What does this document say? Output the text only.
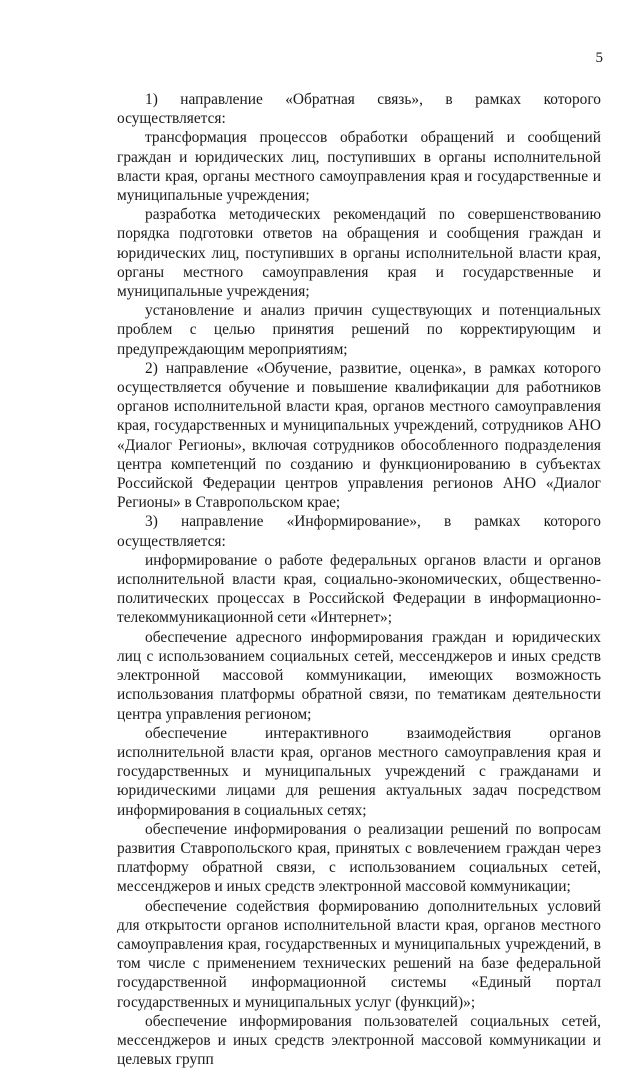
5

1) направление «Обратная связь», в рамках которого осуществляется:

трансформация процессов обработки обращений и сообщений граждан и юридических лиц, поступивших в органы исполнительной власти края, органы местного самоуправления края и государственные и муниципальные учреждения;

разработка методических рекомендаций по совершенствованию порядка подготовки ответов на обращения и сообщения граждан и юридических лиц, поступивших в органы исполнительной власти края, органы местного самоуправления края и государственные и муниципальные учреждения;

установление и анализ причин существующих и потенциальных проблем с целью принятия решений по корректирующим и предупреждающим мероприятиям;

2) направление «Обучение, развитие, оценка», в рамках которого осуществляется обучение и повышение квалификации для работников органов исполнительной власти края, органов местного самоуправления края, государственных и муниципальных учреждений, сотрудников АНО «Диалог Регионы», включая сотрудников обособленного подразделения центра компетенций по созданию и функционированию в субъектах Российской Федерации центров управления регионов АНО «Диалог Регионы» в Ставропольском крае;

3) направление «Информирование», в рамках которого осуществляется:

информирование о работе федеральных органов власти и органов исполнительной власти края, социально-экономических, общественно-политических процессах в Российской Федерации в информационно-телекоммуникационной сети «Интернет»;

обеспечение адресного информирования граждан и юридических лиц с использованием социальных сетей, мессенджеров и иных средств электронной массовой коммуникации, имеющих возможность использования платформы обратной связи, по тематикам деятельности центра управления регионом;

обеспечение интерактивного взаимодействия органов исполнительной власти края, органов местного самоуправления края и государственных и муниципальных учреждений с гражданами и юридическими лицами для решения актуальных задач посредством информирования в социальных сетях;

обеспечение информирования о реализации решений по вопросам развития Ставропольского края, принятых с вовлечением граждан через платформу обратной связи, с использованием социальных сетей, мессенджеров и иных средств электронной массовой коммуникации;

обеспечение содействия формированию дополнительных условий для открытости органов исполнительной власти края, органов местного самоуправления края, государственных и муниципальных учреждений, в том числе с применением технических решений на базе федеральной государственной информационной системы «Единый портал государственных и муниципальных услуг (функций)»;

обеспечение информирования пользователей социальных сетей, мессенджеров и иных средств электронной массовой коммуникации и целевых групп
